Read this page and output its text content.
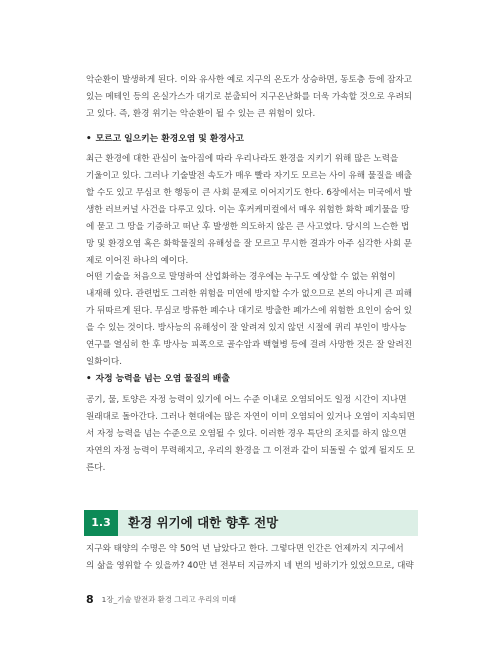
악순환이 발생하게 된다. 이와 유사한 예로 지구의 온도가 상승하면, 동토층 등에 잠자고
있는 메테인 등의 온실가스가 대기로 분출되어 지구온난화를 더욱 가속할 것으로 우려되
고 있다. 즉, 환경 위기는 악순환이 될 수 있는 큰 위험이 있다.

• 모르고 일으키는 환경오염 및 환경사고

최근 환경에 대한 관심이 높아짐에 따라 우리나라도 환경을 지키기 위해 많은 노력을
기울이고 있다. 그러나 기술발전 속도가 매우 빨라 자기도 모르는 사이 유해 물질을 배출
할 수도 있고 무심코 한 행동이 큰 사회 문제로 이어지기도 한다. 6장에서는 미국에서 발
생한 러브커널 사건을 다루고 있다. 이는 후커케미컬에서 매우 위험한 화학 폐기물을 땅
에 묻고 그 땅을 기증하고 떠난 후 발생한 의도하지 않은 큰 사고였다. 당시의 느슨한 법
망 및 환경오염 혹은 화학물질의 유해성을 잘 모르고 무시한 결과가 아주 심각한 사회 문
제로 이어진 하나의 예이다.

어떤 기술을 처음으로 말명하여 산업화하는 경우에는 누구도 예상할 수 없는 위험이
내재해 있다. 관련법도 그러한 위험을 미연에 방지할 수가 없으므로 본의 아니게 큰 피해
가 뒤따르게 된다. 무심코 방류한 폐수나 대기로 방출한 폐가스에 위험한 요인이 숨어 있
을 수 있는 것이다. 방사능의 유해성이 잘 알려져 있지 않던 시절에 퀴리 부인이 방사능
연구를 열심히 한 후 방사능 피폭으로 골수암과 백혈병 등에 걸려 사망한 것은 잘 알려진
일화이다.

• 자정 능력을 넘는 오염 물질의 배출

공기, 물, 토양은 자정 능력이 있기에 어느 수준 이내로 오염되어도 일정 시간이 지나면
원래대로 돌아간다. 그러나 현대에는 많은 자연이 이미 오염되어 있거나 오염이 지속되면
서 자정 능력을 넘는 수준으로 오염될 수 있다. 이러한 경우 특단의 조치를 하지 않으면
자연의 자정 능력이 무력해지고, 우리의 환경을 그 이전과 같이 되돌릴 수 없게 될지도 모
른다.

1.3	환경 위기에 대한 향후 전망

지구와 태양의 수명은 약 50억 년 남았다고 한다. 그렇다면 인간은 언제까지 지구에서
의 삶을 영위할 수 있을까? 40만 년 전부터 지금까지 네 번의 빙하기가 있었으므로, 대략

8 1장_기술 발전과 환경 그리고 우리의 미래
